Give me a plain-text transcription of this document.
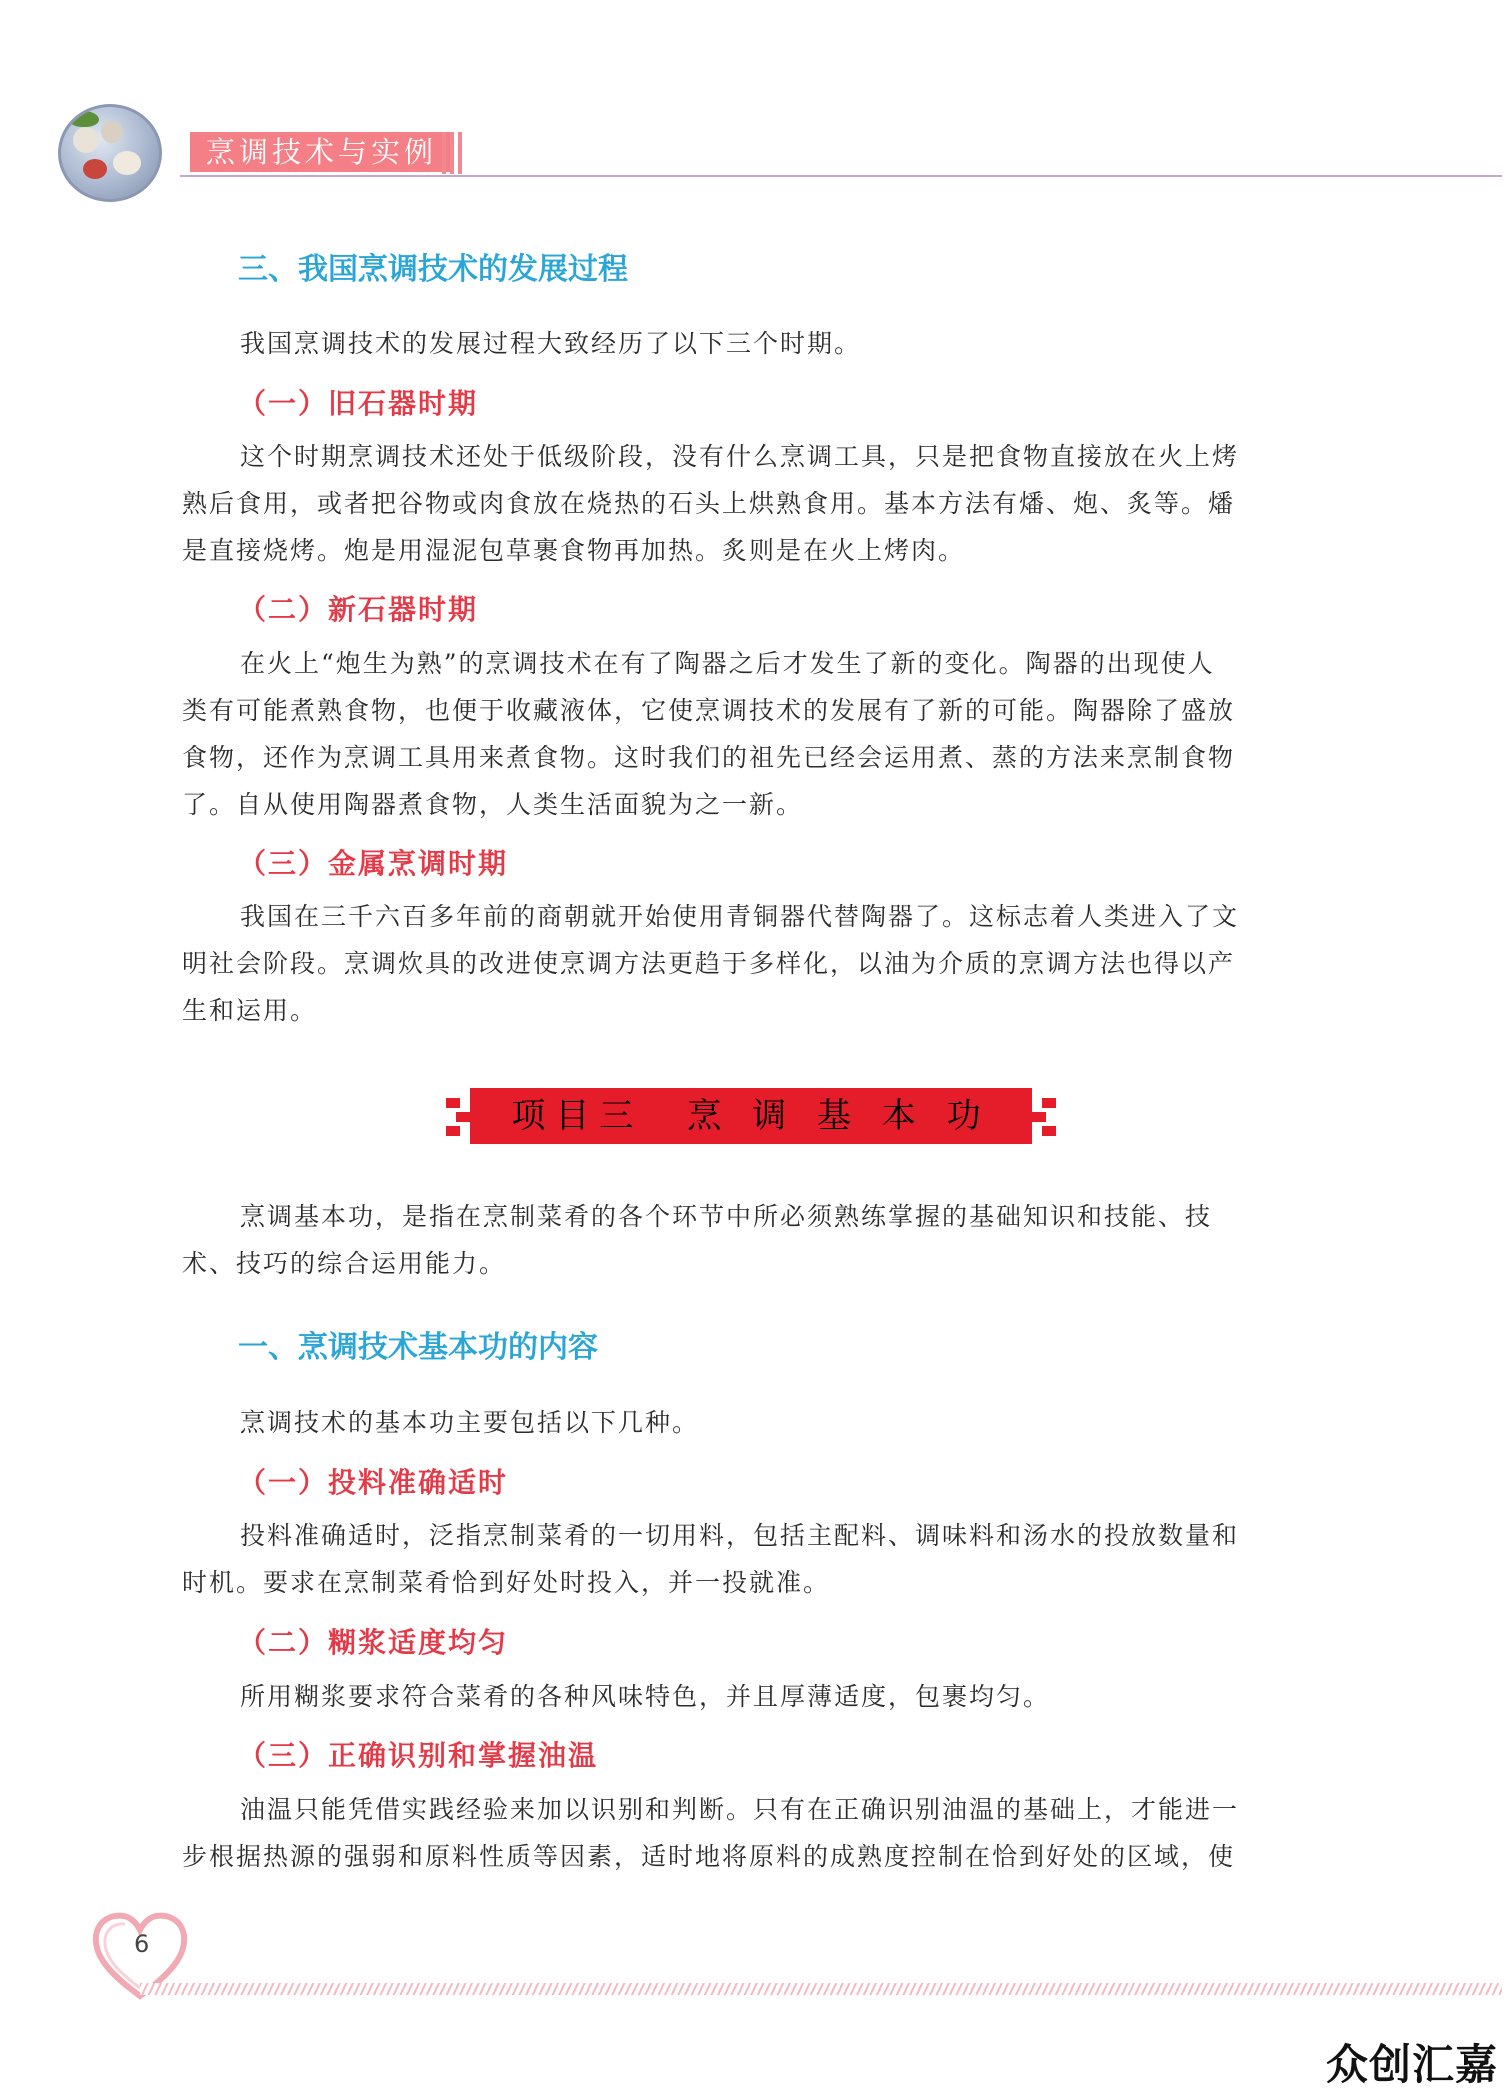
烹调技术与实例
三、我国烹调技术的发展过程

我国烹调技术的发展过程大致经历了以下三个时期。

（一）旧石器时期

这个时期烹调技术还处于低级阶段，没有什么烹调工具，只是把食物直接放在火上烤
熟后食用，或者把谷物或肉食放在烧热的石头上烘熟食用。基本方法有燔、炮、炙等。燔
是直接烧烤。炮是用湿泥包草裹食物再加热。炙则是在火上烤肉。

（二）新石器时期

在火上“炮生为熟”的烹调技术在有了陶器之后才发生了新的变化。陶器的出现使人
类有可能煮熟食物，也便于收藏液体，它使烹调技术的发展有了新的可能。陶器除了盛放
食物，还作为烹调工具用来煮食物。这时我们的祖先已经会运用煮、蒸的方法来烹制食物
了。自从使用陶器煮食物，人类生活面貌为之一新。

（三）金属烹调时期

我国在三千六百多年前的商朝就开始使用青铜器代替陶器了。这标志着人类进入了文
明社会阶段。烹调炊具的改进使烹调方法更趋于多样化，以油为介质的烹调方法也得以产
生和运用。

项目三　烹 调 基 本 功

烹调基本功，是指在烹制菜肴的各个环节中所必须熟练掌握的基础知识和技能、技
术、技巧的综合运用能力。

一、烹调技术基本功的内容

烹调技术的基本功主要包括以下几种。

（一）投料准确适时

投料准确适时，泛指烹制菜肴的一切用料，包括主配料、调味料和汤水的投放数量和
时机。要求在烹制菜肴恰到好处时投入，并一投就准。

（二）糊浆适度均匀

所用糊浆要求符合菜肴的各种风味特色，并且厚薄适度，包裹均匀。

（三）正确识别和掌握油温

油温只能凭借实践经验来加以识别和判断。只有在正确识别油温的基础上，才能进一
步根据热源的强弱和原料性质等因素，适时地将原料的成熟度控制在恰到好处的区域，使

6
众创汇嘉
